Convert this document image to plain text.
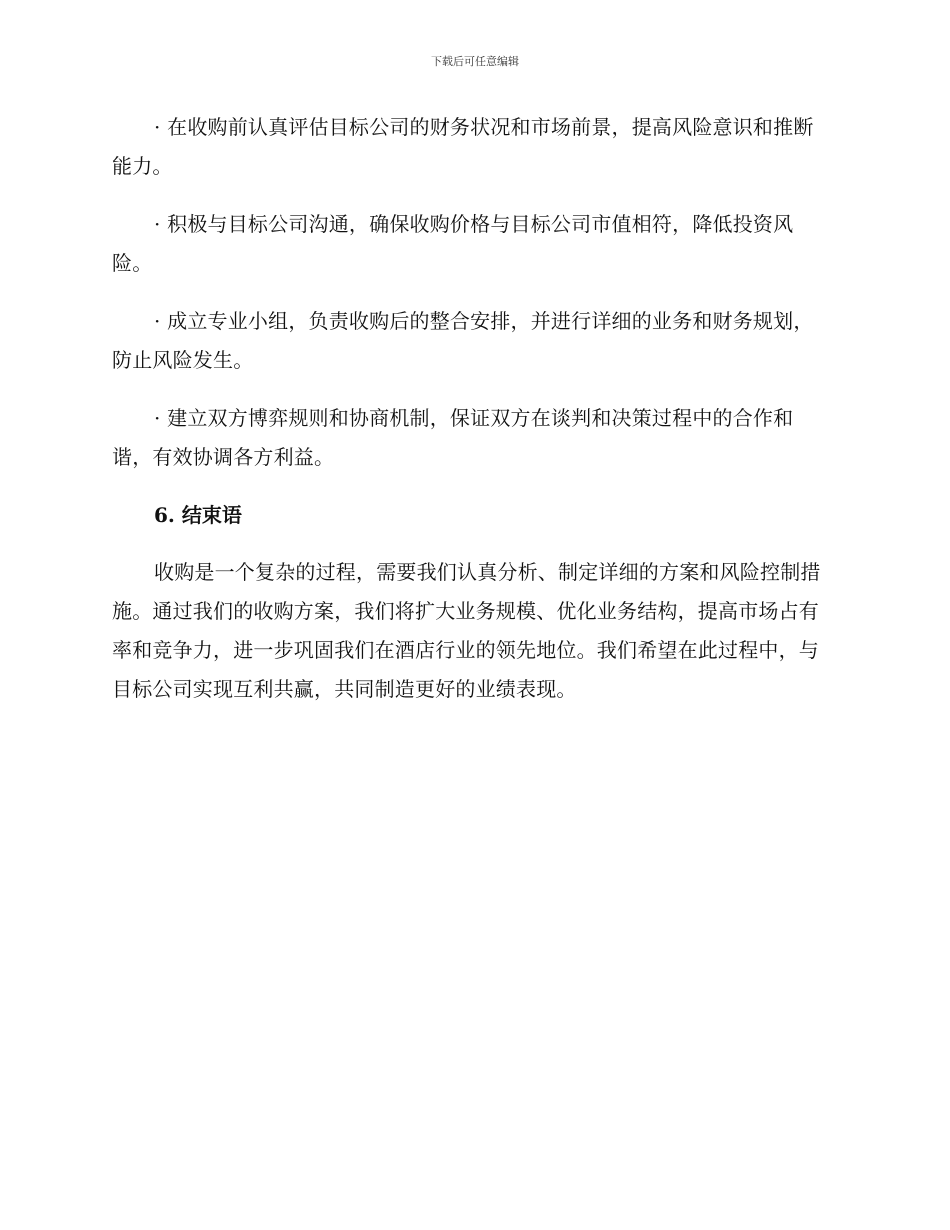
下载后可任意编辑

· 在收购前认真评估目标公司的财务状况和市场前景，提高风险意识和推断能力。

· 积极与目标公司沟通，确保收购价格与目标公司市值相符，降低投资风险。

· 成立专业小组，负责收购后的整合安排，并进行详细的业务和财务规划，防止风险发生。

· 建立双方博弈规则和协商机制，保证双方在谈判和决策过程中的合作和谐，有效协调各方利益。

6. 结束语

收购是一个复杂的过程，需要我们认真分析、制定详细的方案和风险控制措施。通过我们的收购方案，我们将扩大业务规模、优化业务结构，提高市场占有率和竞争力，进一步巩固我们在酒店行业的领先地位。我们希望在此过程中，与目标公司实现互利共赢，共同制造更好的业绩表现。
